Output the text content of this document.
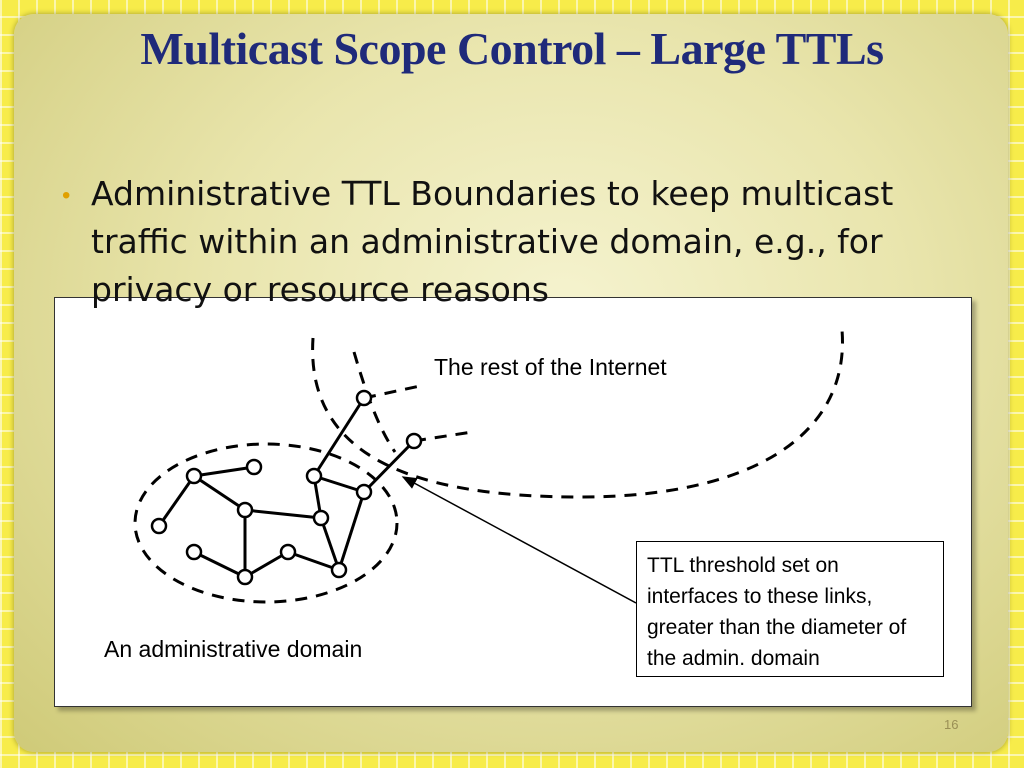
Multicast Scope Control – Large TTLs
• Administrative TTL Boundaries to keep multicast traffic within an administrative domain, e.g., for privacy or resource reasons
The rest of the Internet
An administrative domain
TTL threshold set on interfaces to these links, greater than the diameter of the admin. domain
16
